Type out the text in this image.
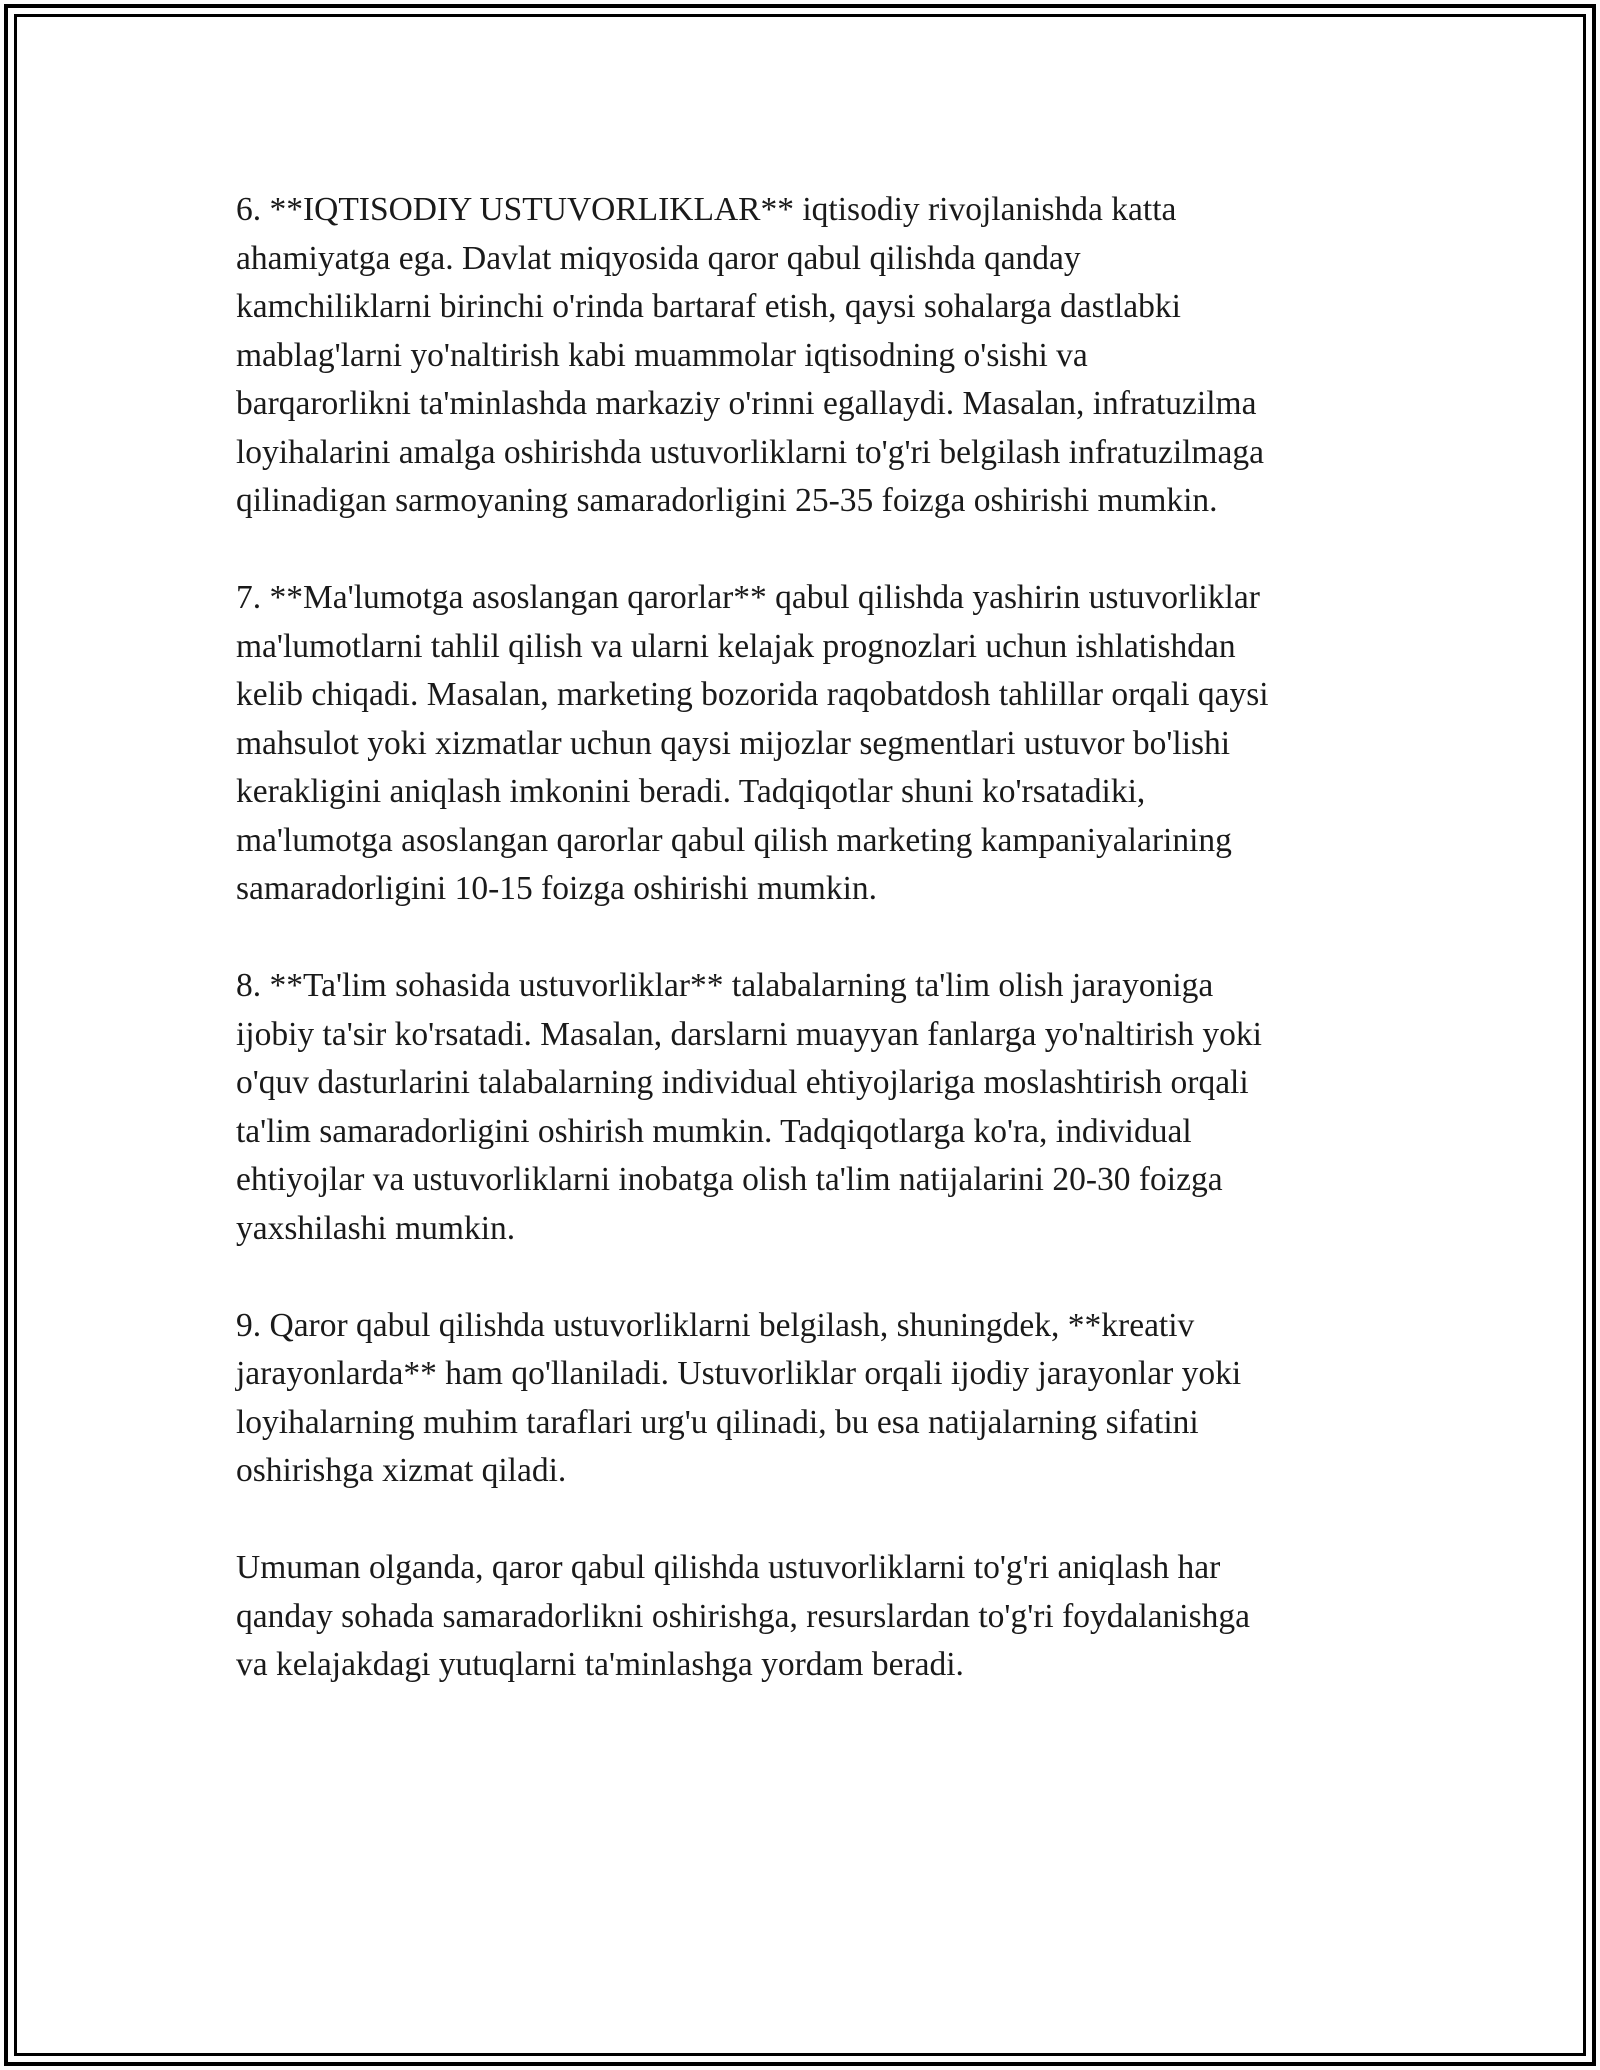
6. **IQTISODIY USTUVORLIKLAR** iqtisodiy rivojlanishda katta
ahamiyatga ega. Davlat miqyosida qaror qabul qilishda qanday
kamchiliklarni birinchi o'rinda bartaraf etish, qaysi sohalarga dastlabki
mablag'larni yo'naltirish kabi muammolar iqtisodning o'sishi va
barqarorlikni ta'minlashda markaziy o'rinni egallaydi. Masalan, infratuzilma
loyihalarini amalga oshirishda ustuvorliklarni to'g'ri belgilash infratuzilmaga
qilinadigan sarmoyaning samaradorligini 25-35 foizga oshirishi mumkin.

7. **Ma'lumotga asoslangan qarorlar** qabul qilishda yashirin ustuvorliklar
ma'lumotlarni tahlil qilish va ularni kelajak prognozlari uchun ishlatishdan
kelib chiqadi. Masalan, marketing bozorida raqobatdosh tahlillar orqali qaysi
mahsulot yoki xizmatlar uchun qaysi mijozlar segmentlari ustuvor bo'lishi
kerakligini aniqlash imkonini beradi. Tadqiqotlar shuni ko'rsatadiki,
ma'lumotga asoslangan qarorlar qabul qilish marketing kampaniyalarining
samaradorligini 10-15 foizga oshirishi mumkin.

8. **Ta'lim sohasida ustuvorliklar** talabalarning ta'lim olish jarayoniga
ijobiy ta'sir ko'rsatadi. Masalan, darslarni muayyan fanlarga yo'naltirish yoki
o'quv dasturlarini talabalarning individual ehtiyojlariga moslashtirish orqali
ta'lim samaradorligini oshirish mumkin. Tadqiqotlarga ko'ra, individual
ehtiyojlar va ustuvorliklarni inobatga olish ta'lim natijalarini 20-30 foizga
yaxshilashi mumkin.

9. Qaror qabul qilishda ustuvorliklarni belgilash, shuningdek, **kreativ
jarayonlarda** ham qo'llaniladi. Ustuvorliklar orqali ijodiy jarayonlar yoki
loyihalarning muhim taraflari urg'u qilinadi, bu esa natijalarning sifatini
oshirishga xizmat qiladi.

Umuman olganda, qaror qabul qilishda ustuvorliklarni to'g'ri aniqlash har
qanday sohada samaradorlikni oshirishga, resurslardan to'g'ri foydalanishga
va kelajakdagi yutuqlarni ta'minlashga yordam beradi.
